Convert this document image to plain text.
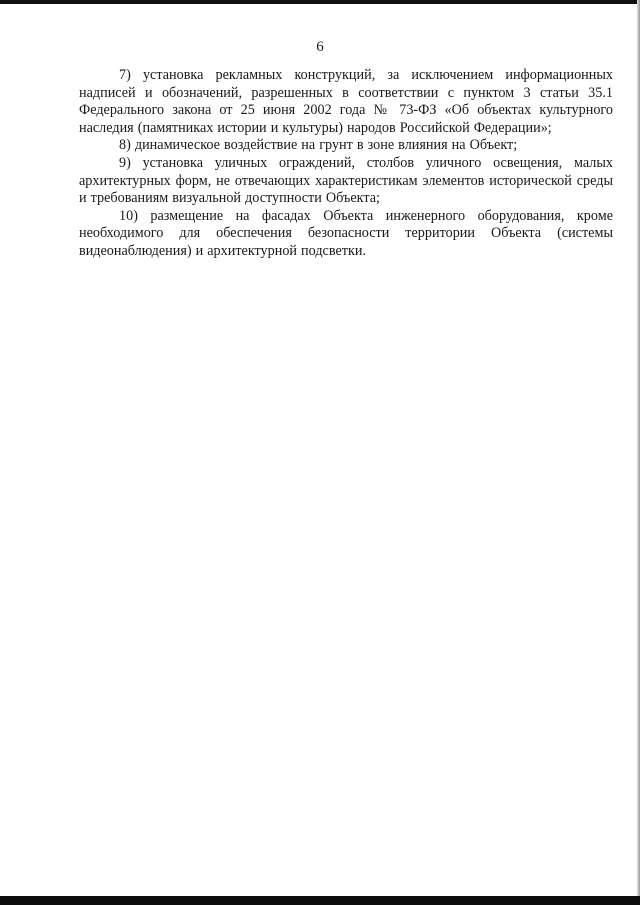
6

7) установка рекламных конструкций, за исключением информационных надписей и обозначений, разрешенных в соответствии с пунктом 3 статьи 35.1 Федерального закона от 25 июня 2002 года № 73-ФЗ «Об объектах культурного наследия (памятниках истории и культуры) народов Российской Федерации»;

8) динамическое воздействие на грунт в зоне влияния на Объект;

9) установка уличных ограждений, столбов уличного освещения, малых архитектурных форм, не отвечающих характеристикам элементов исторической среды и требованиям визуальной доступности Объекта;

10) размещение на фасадах Объекта инженерного оборудования, кроме необходимого для обеспечения безопасности территории Объекта (системы видеонаблюдения) и архитектурной подсветки.
